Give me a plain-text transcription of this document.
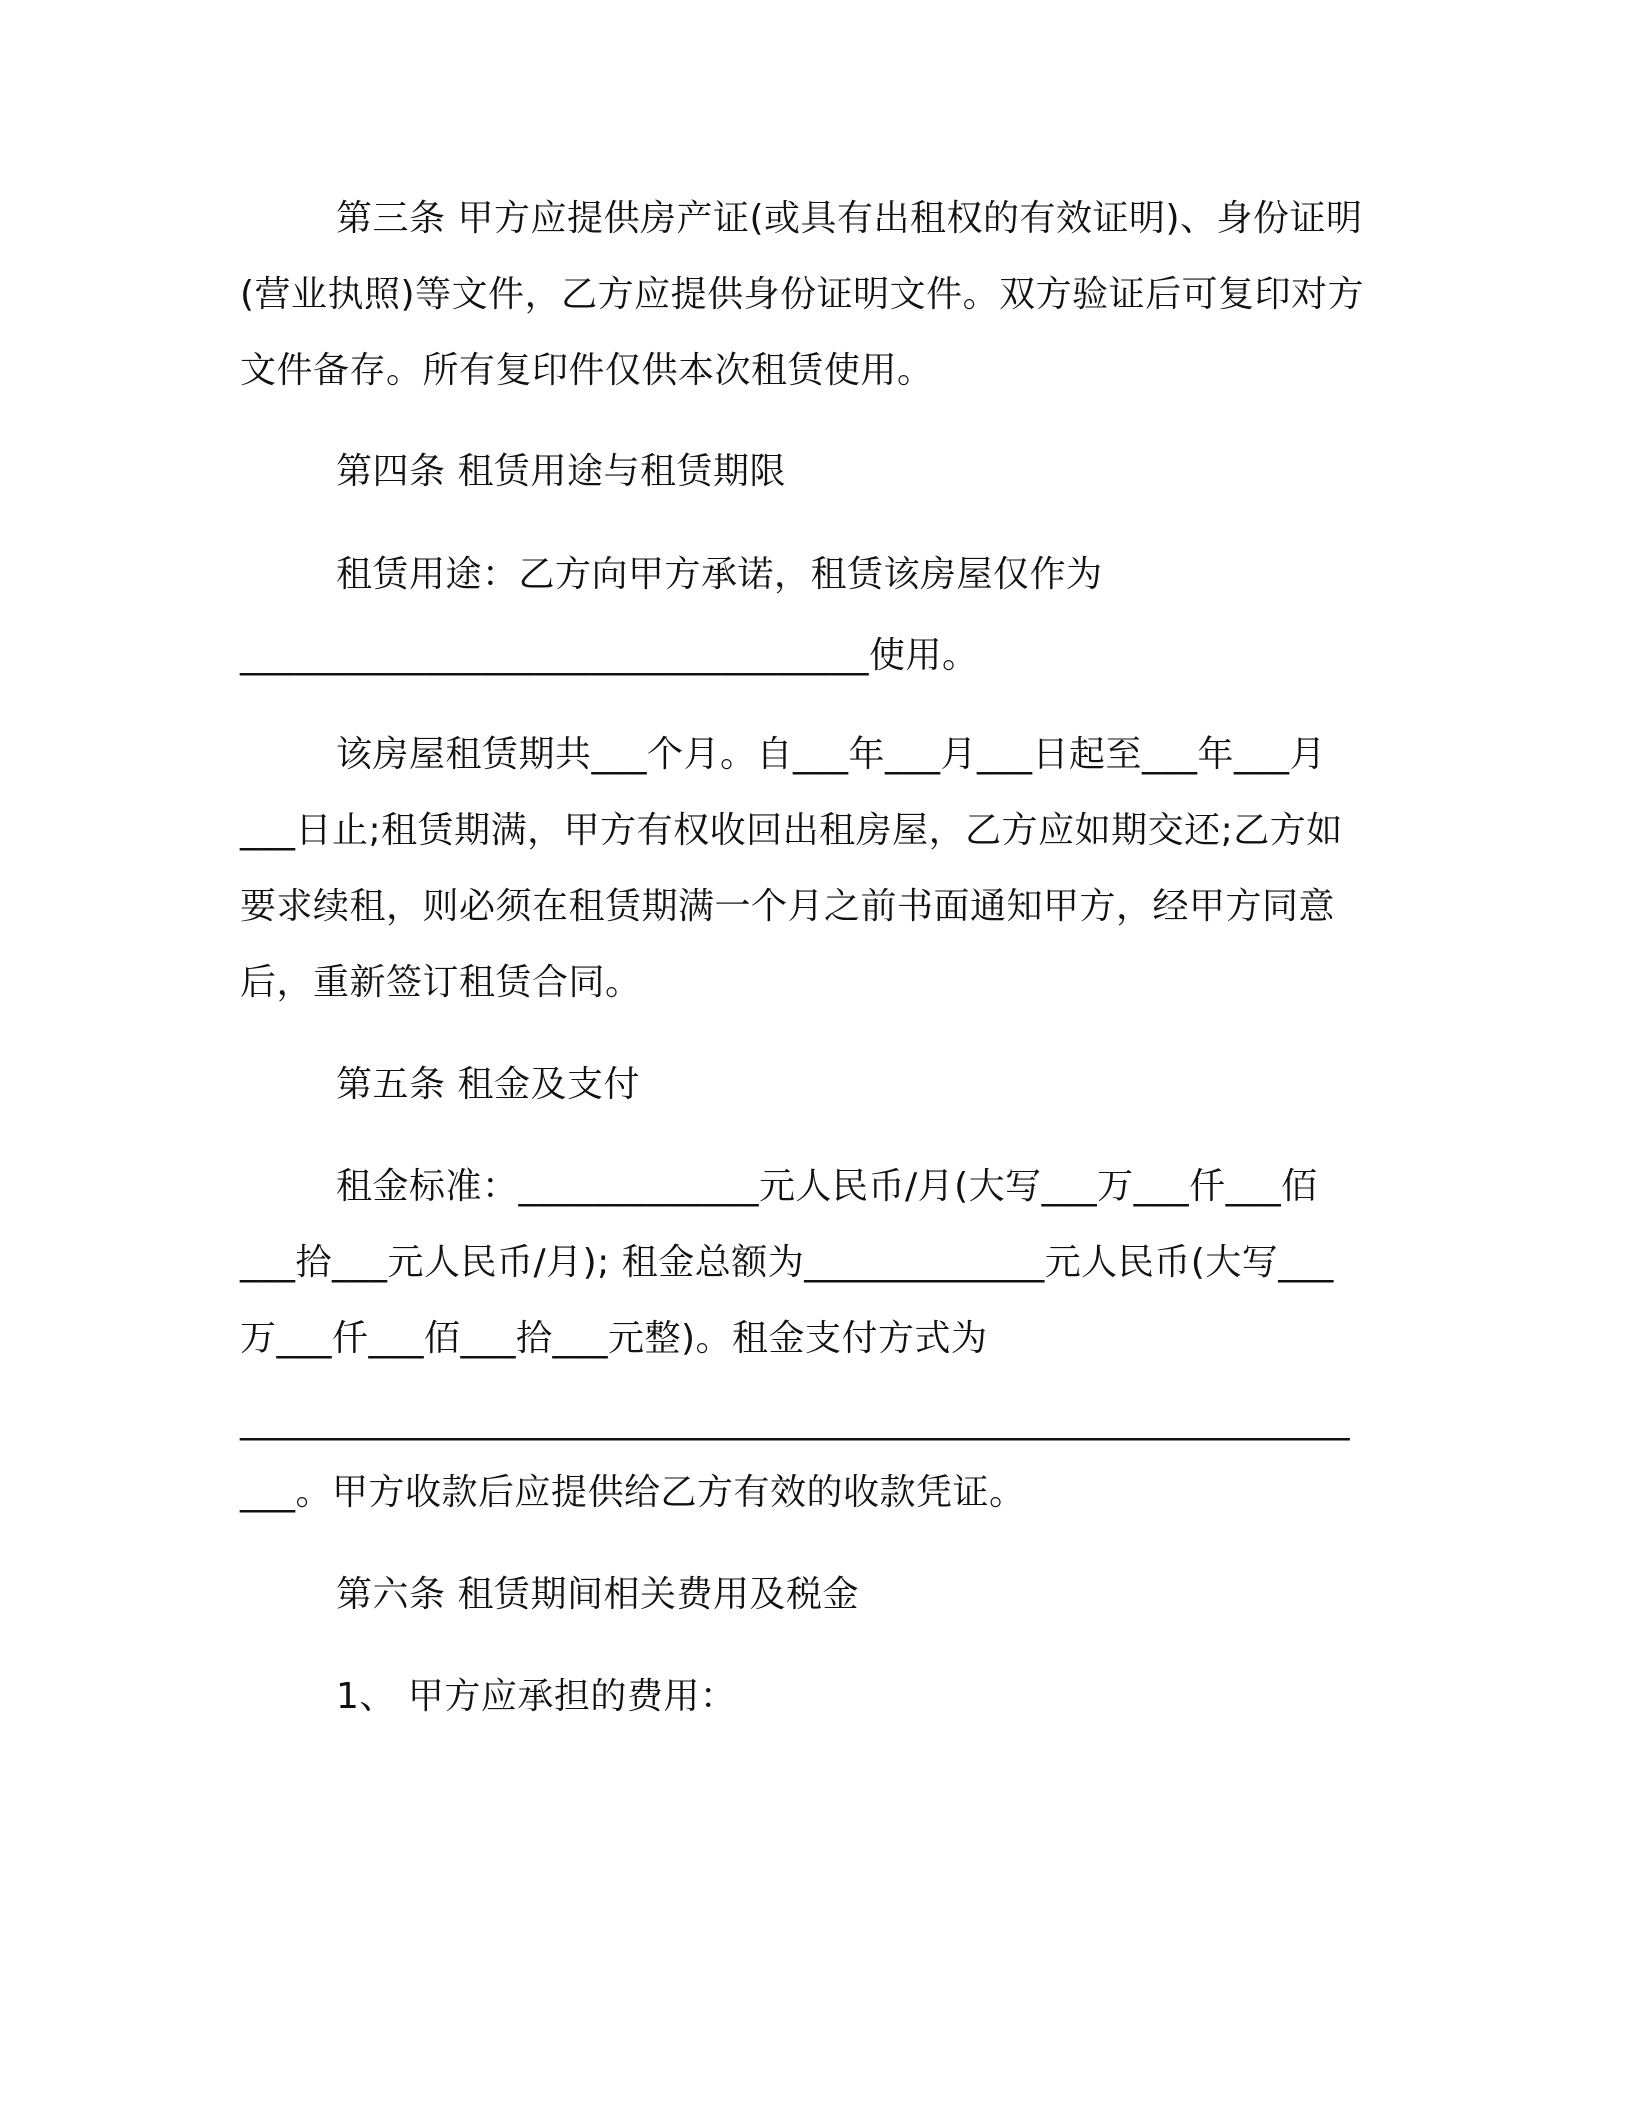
第三条 甲方应提供房产证(或具有出租权的有效证明)、身份证明
(营业执照)等文件，乙方应提供身份证明文件。双方验证后可复印对方
文件备存。所有复印件仅供本次租赁使用。
第四条 租赁用途与租赁期限
租赁用途：乙方向甲方承诺，租赁该房屋仅作为
__________________________________使用。
该房屋租赁期共___个月。自___年___月___日起至___年___月
___日止;租赁期满，甲方有权收回出租房屋，乙方应如期交还;乙方如
要求续租，则必须在租赁期满一个月之前书面通知甲方，经甲方同意
后，重新签订租赁合同。
第五条 租金及支付
租金标准：_____________元人民币/月(大写___万___仟___佰
___拾___元人民币/月); 租金总额为_____________元人民币(大写___
万___仟___佰___拾___元整)。租金支付方式为
____________________________________________________________
___。甲方收款后应提供给乙方有效的收款凭证。
第六条 租赁期间相关费用及税金
1、 甲方应承担的费用：
